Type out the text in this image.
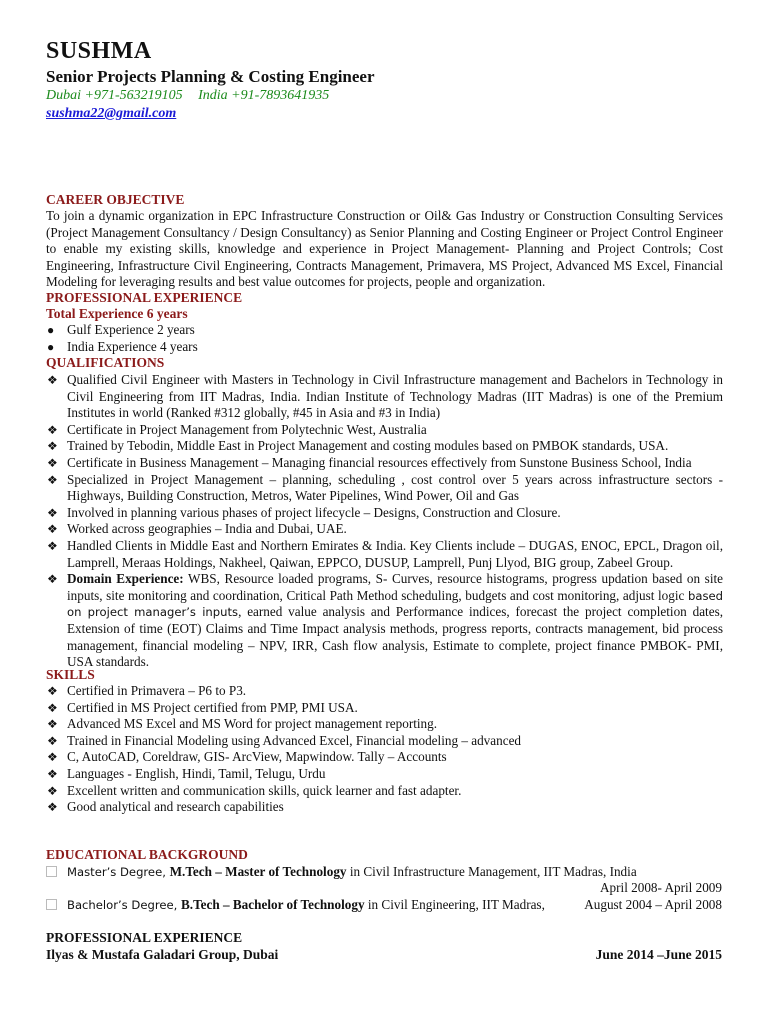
SUSHMA
Senior Projects Planning & Costing Engineer
Dubai +971-563219105 India +91-7893641935
sushma22@gmail.com
CAREER OBJECTIVE
To join a dynamic organization in EPC Infrastructure Construction or Oil& Gas Industry or Construction Consulting Services (Project Management Consultancy / Design Consultancy) as Senior Planning and Costing Engineer or Project Control Engineer to enable my existing skills, knowledge and experience in Project Management- Planning and Project Controls; Cost Engineering, Infrastructure Civil Engineering, Contracts Management, Primavera, MS Project, Advanced MS Excel, Financial Modeling for leveraging results and best value outcomes for projects, people and organization.
PROFESSIONAL EXPERIENCE
Total Experience 6 years
● Gulf Experience 2 years
● India Experience 4 years
QUALIFICATIONS
❖ Qualified Civil Engineer with Masters in Technology in Civil Infrastructure management and Bachelors in Technology in Civil Engineering from IIT Madras, India. Indian Institute of Technology Madras (IIT Madras) is one of the Premium Institutes in world (Ranked #312 globally, #45 in Asia and #3 in India)
❖ Certificate in Project Management from Polytechnic West, Australia
❖ Trained by Tebodin, Middle East in Project Management and costing modules based on PMBOK standards, USA.
❖ Certificate in Business Management – Managing financial resources effectively from Sunstone Business School, India
❖ Specialized in Project Management – planning, scheduling , cost control over 5 years across infrastructure sectors - Highways, Building Construction, Metros, Water Pipelines, Wind Power, Oil and Gas
❖ Involved in planning various phases of project lifecycle – Designs, Construction and Closure.
❖ Worked across geographies – India and Dubai, UAE.
❖ Handled Clients in Middle East and Northern Emirates & India. Key Clients include – DUGAS, ENOC, EPCL, Dragon oil, Lamprell, Meraas Holdings, Nakheel, Qaiwan, EPPCO, DUSUP, Lamprell, Punj Llyod, BIG group, Zabeel Group.
❖ Domain Experience: WBS, Resource loaded programs, S- Curves, resource histograms, progress updation based on site inputs, site monitoring and coordination, Critical Path Method scheduling, budgets and cost monitoring, adjust logic based on project manager’s inputs, earned value analysis and Performance indices, forecast the project completion dates, Extension of time (EOT) Claims and Time Impact analysis methods, progress reports, contracts management, bid process management, financial modeling – NPV, IRR, Cash flow analysis, Estimate to complete, project finance PMBOK- PMI, USA standards.
SKILLS
❖ Certified in Primavera – P6 to P3.
❖ Certified in MS Project certified from PMP, PMI USA.
❖ Advanced MS Excel and MS Word for project management reporting.
❖ Trained in Financial Modeling using Advanced Excel, Financial modeling – advanced
❖ C, AutoCAD, Coreldraw, GIS- ArcView, Mapwindow. Tally – Accounts
❖ Languages - English, Hindi, Tamil, Telugu, Urdu
❖ Excellent written and communication skills, quick learner and fast adapter.
❖ Good analytical and research capabilities
EDUCATIONAL BACKGROUND
Master’s Degree, M.Tech – Master of Technology in Civil Infrastructure Management, IIT Madras, India
April 2008- April 2009
Bachelor’s Degree, B.Tech – Bachelor of Technology in Civil Engineering, IIT Madras,	August 2004 – April 2008
PROFESSIONAL EXPERIENCE
Ilyas & Mustafa Galadari Group, Dubai	June 2014 –June 2015
